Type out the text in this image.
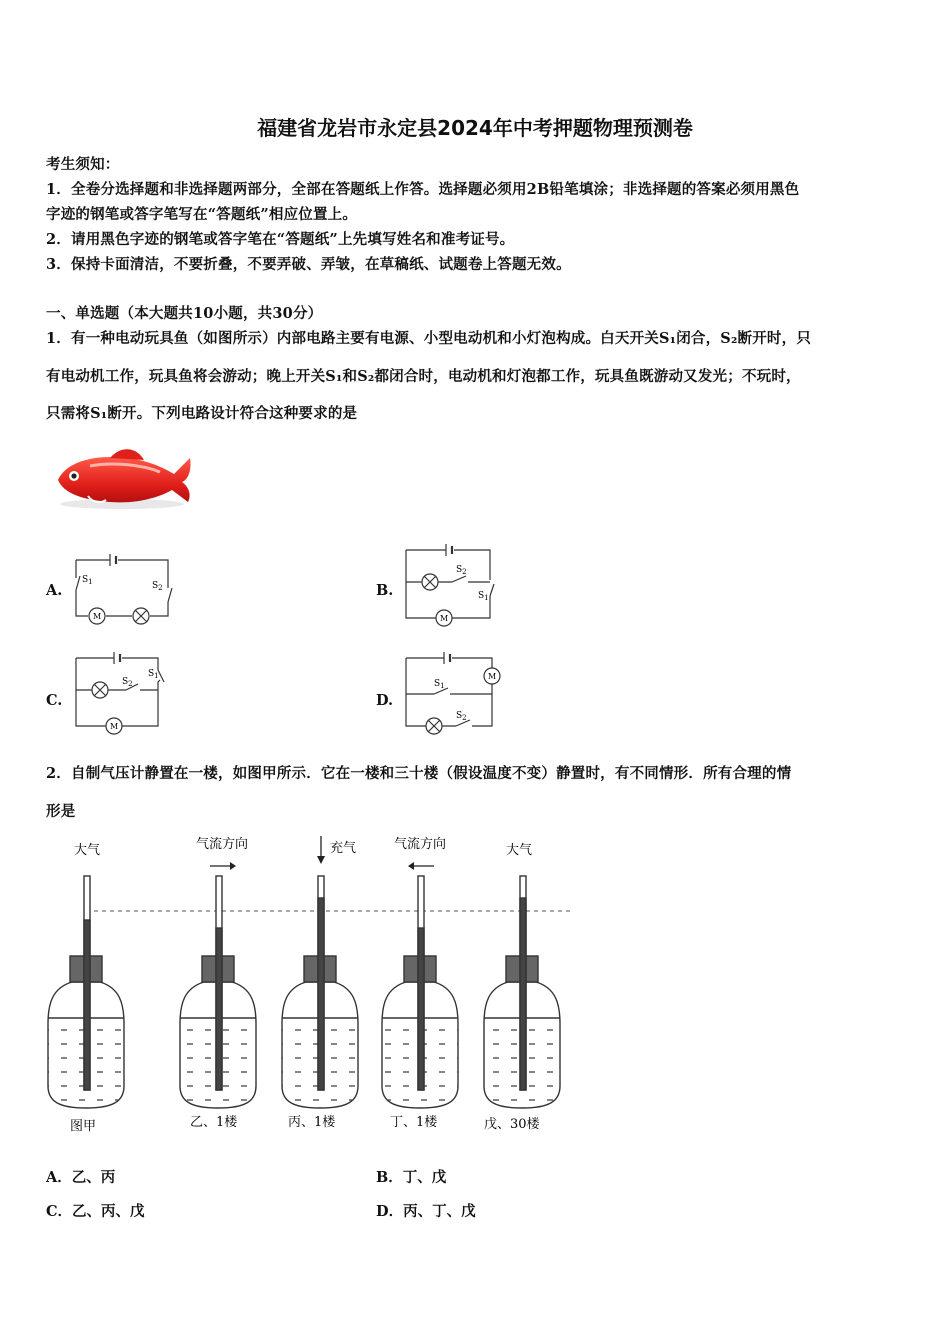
福建省龙岩市永定县2024年中考押题物理预测卷
考生须知：
1．全卷分选择题和非选择题两部分，全部在答题纸上作答。选择题必须用2B铅笔填涂；非选择题的答案必须用黑色
字迹的钢笔或答字笔写在“答题纸”相应位置上。
2．请用黑色字迹的钢笔或答字笔在“答题纸”上先填写姓名和准考证号。
3．保持卡面清洁，不要折叠，不要弄破、弄皱，在草稿纸、试题卷上答题无效。
一、单选题（本大题共10小题，共30分）
1．有一种电动玩具鱼（如图所示）内部电路主要有电源、小型电动机和小灯泡构成。白天开关S₁闭合，S₂断开时，只
有电动机工作，玩具鱼将会游动；晚上开关S₁和S₂都闭合时，电动机和灯泡都工作，玩具鱼既游动又发光；不玩时，
只需将S₁断开。下列电路设计符合这种要求的是
A.
$S_1$	$S_2$
M
B.
$S_2$
$S_1$
M
C.
$S_2$
$S_1$
M
D.
$S_1$
$S_2$
M
2．自制气压计静置在一楼，如图甲所示．它在一楼和三十楼（假设温度不变）静置时，有不同情形．所有合理的情
形是
大气	气流方向	充气	气流方向	大气
图甲	乙、1楼	丙、1楼	丁、1楼	戊、30楼
A．乙、丙	B．丁、戊
C．乙、丙、戊	D．丙、丁、戊
